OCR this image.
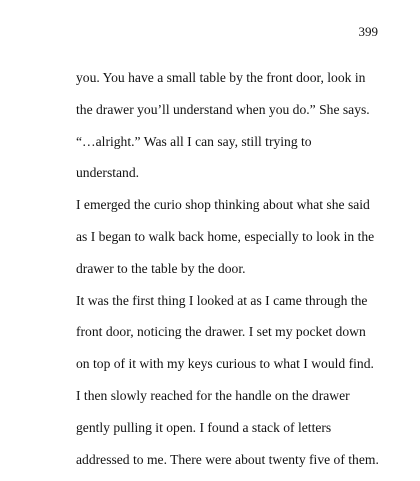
399
you. You have a small table by the front door, look in
the drawer you’ll understand when you do.” She says.
“…alright.” Was all I can say, still trying to
understand.
I emerged the curio shop thinking about what she said
as I began to walk back home, especially to look in the
drawer to the table by the door.
It was the first thing I looked at as I came through the
front door, noticing the drawer. I set my pocket down
on top of it with my keys curious to what I would find.
I then slowly reached for the handle on the drawer
gently pulling it open. I found a stack of letters
addressed to me. There were about twenty five of them.
